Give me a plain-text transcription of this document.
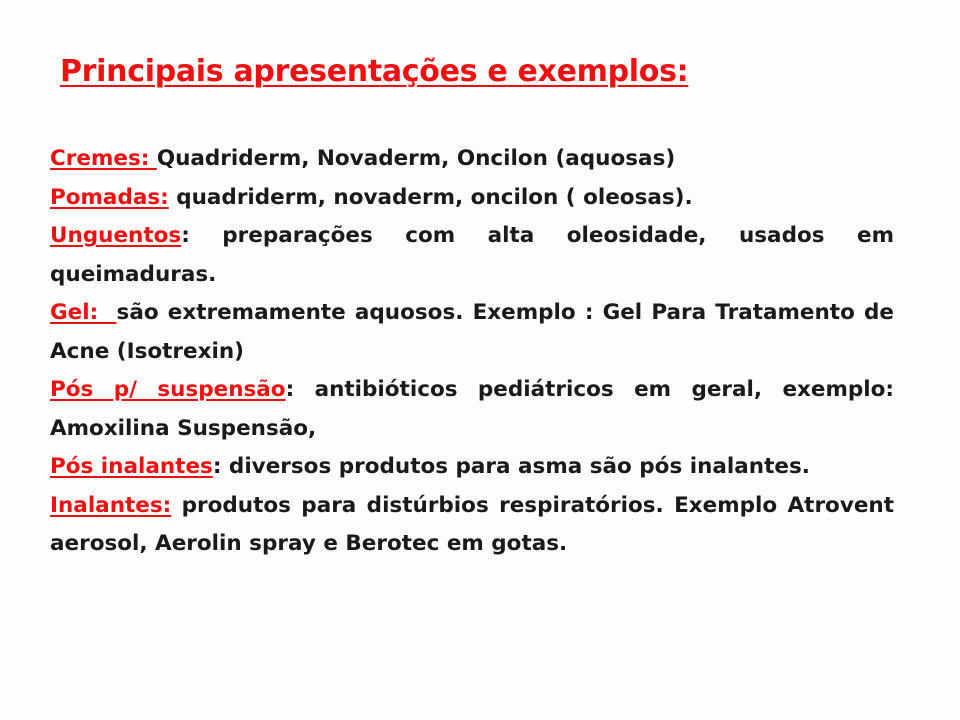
Principais apresentações e exemplos:

Cremes: Quadriderm, Novaderm, Oncilon (aquosas)

Pomadas: quadriderm, novaderm, oncilon ( oleosas).

Unguentos: preparações com alta oleosidade, usados em queimaduras.

Gel:  são extremamente aquosos. Exemplo : Gel Para Tratamento de Acne (Isotrexin)

Pós p/ suspensão: antibióticos pediátricos em geral, exemplo: Amoxilina Suspensão,

Pós inalantes: diversos produtos para asma são pós inalantes.

Inalantes: produtos para distúrbios respiratórios. Exemplo Atrovent aerosol, Aerolin spray e Berotec em gotas.
